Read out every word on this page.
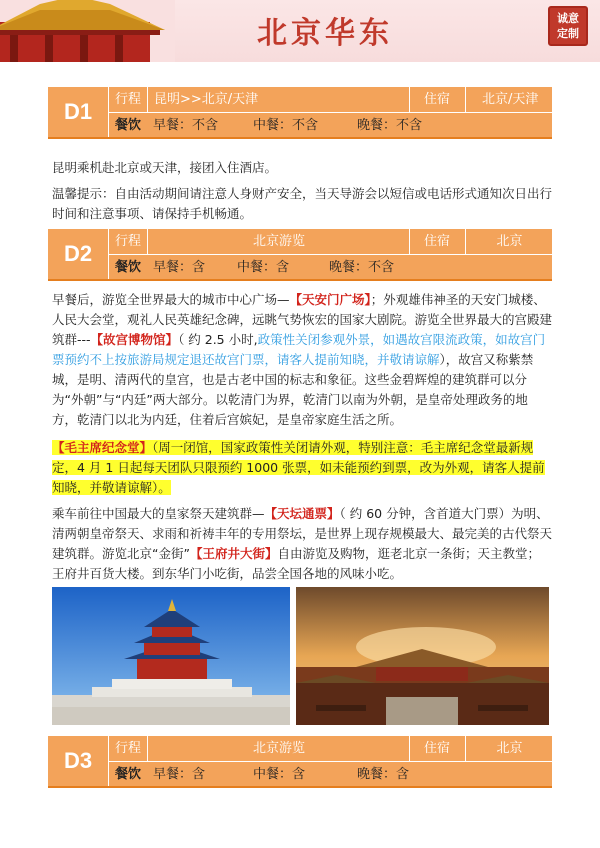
北京华东	诚意
定制
D1	行程 昆明>>北京/天津	住宿	北京/天津
餐饮 早餐：不含	中餐：不含	晚餐：不含
昆明乘机赴北京或天津，接团入住酒店。
温馨提示：自由活动期间请注意人身财产安全，当天导游会以短信或电话形式通知次日出行时间和注意事项、请保持手机畅通。
D2	行程	北京游览	住宿	北京
餐饮 早餐：含 中餐：含	晚餐：不含
早餐后，游览全世界最大的城市中心广场—【天安门广场】；外观雄伟神圣的天安门城楼、人民大会堂，观礼人民英雄纪念碑，远眺气势恢宏的国家大剧院。游览全世界最大的宫殿建筑群---【故宫博物馆】（ 约 2.5 小时,政策性关闭参观外景，如遇故宫限流政策，如故宫门票预约不上按旅游局规定退还故宫门票，请客人提前知晓，并敬请谅解），故宫又称紫禁城，是明、清两代的皇宫，也是古老中国的标志和象征。这些金碧辉煌的建筑群可以分为“外朝”与“内廷”两大部分。以乾清门为界，乾清门以南为外朝，是皇帝处理政务的地方，乾清门以北为内廷，住着后宫嫔妃，是皇帝家庭生活之所。
【毛主席纪念堂】（周一闭馆，国家政策性关闭请外观，特别注意：毛主席纪念堂最新规定，4 月 1 日起每天团队只限预约 1000 张票，如未能预约到票，改为外观，请客人提前知晓，并敬请谅解）。
乘车前往中国最大的皇家祭天建筑群—【天坛通票】（ 约 60 分钟，含首道大门票）为明、清两朝皇帝祭天、求雨和祈祷丰年的专用祭坛，是世界上现存规模最大、最完美的古代祭天建筑群。游览北京“金街”【王府井大街】自由游览及购物，逛老北京一条街；天主教堂；王府井百货大楼。到东华门小吃街，品尝全国各地的风味小吃。
D3	行程	北京游览	住宿	北京
餐饮 早餐：含	中餐：含	晚餐：含
